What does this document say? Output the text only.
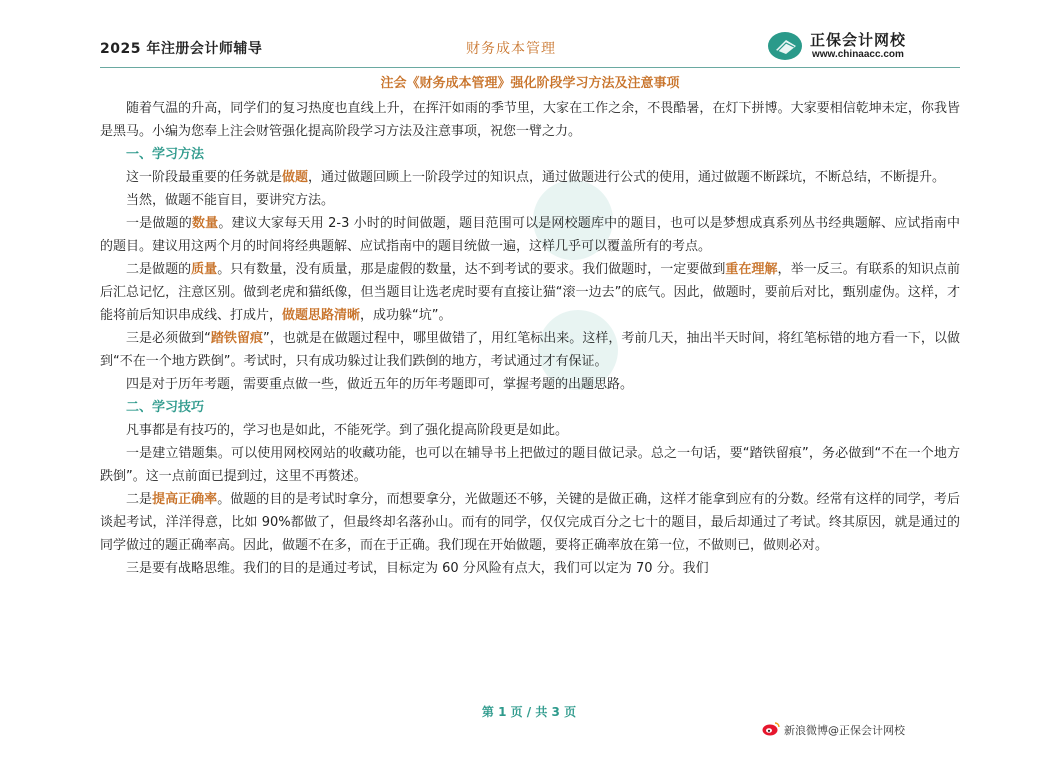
2025 年注册会计师辅导	财务成本管理	正保会计网校
www.chinaacc.com
注会《财务成本管理》强化阶段学习方法及注意事项

随着气温的升高，同学们的复习热度也直线上升，在挥汗如雨的季节里，大家在工作之余，不畏酷暑，在灯下拼博。大家要相信乾坤未定，你我皆是黑马。小编为您奉上注会财管强化提高阶段学习方法及注意事项，祝您一臂之力。

一、学习方法

这一阶段最重要的任务就是做题，通过做题回顾上一阶段学过的知识点，通过做题进行公式的使用，通过做题不断踩坑，不断总结，不断提升。

当然，做题不能盲目，要讲究方法。

一是做题的数量。建议大家每天用 2-3 小时的时间做题，题目范围可以是网校题库中的题目，也可以是梦想成真系列丛书经典题解、应试指南中的题目。建议用这两个月的时间将经典题解、应试指南中的题目统做一遍，这样几乎可以覆盖所有的考点。

二是做题的质量。只有数量，没有质量，那是虚假的数量，达不到考试的要求。我们做题时，一定要做到重在理解，举一反三。有联系的知识点前后汇总记忆，注意区别。做到老虎和猫纸像，但当题目让选老虎时要有直接让猫“滚一边去”的底气。因此，做题时，要前后对比，甄别虚伪。这样，才能将前后知识串成线、打成片，做题思路清晰，成功躲“坑”。

三是必须做到“踏铁留痕”，也就是在做题过程中，哪里做错了，用红笔标出来。这样，考前几天，抽出半天时间，将红笔标错的地方看一下，以做到“不在一个地方跌倒”。考试时，只有成功躲过让我们跌倒的地方，考试通过才有保证。

四是对于历年考题，需要重点做一些，做近五年的历年考题即可，掌握考题的出题思路。

二、学习技巧

凡事都是有技巧的，学习也是如此，不能死学。到了强化提高阶段更是如此。

一是建立错题集。可以使用网校网站的收藏功能，也可以在辅导书上把做过的题目做记录。总之一句话，要“踏铁留痕”，务必做到“不在一个地方跌倒”。这一点前面已提到过，这里不再赘述。

二是提高正确率。做题的目的是考试时拿分，而想要拿分，光做题还不够，关键的是做正确，这样才能拿到应有的分数。经常有这样的同学，考后谈起考试，洋洋得意，比如 90%都做了，但最终却名落孙山。而有的同学，仅仅完成百分之七十的题目，最后却通过了考试。终其原因，就是通过的同学做过的题正确率高。因此，做题不在多，而在于正确。我们现在开始做题，要将正确率放在第一位，不做则已，做则必对。

三是要有战略思维。我们的目的是通过考试，目标定为 60 分风险有点大，我们可以定为 70 分。我们

第 1 页 / 共 3 页
新浪微博@正保会计网校
